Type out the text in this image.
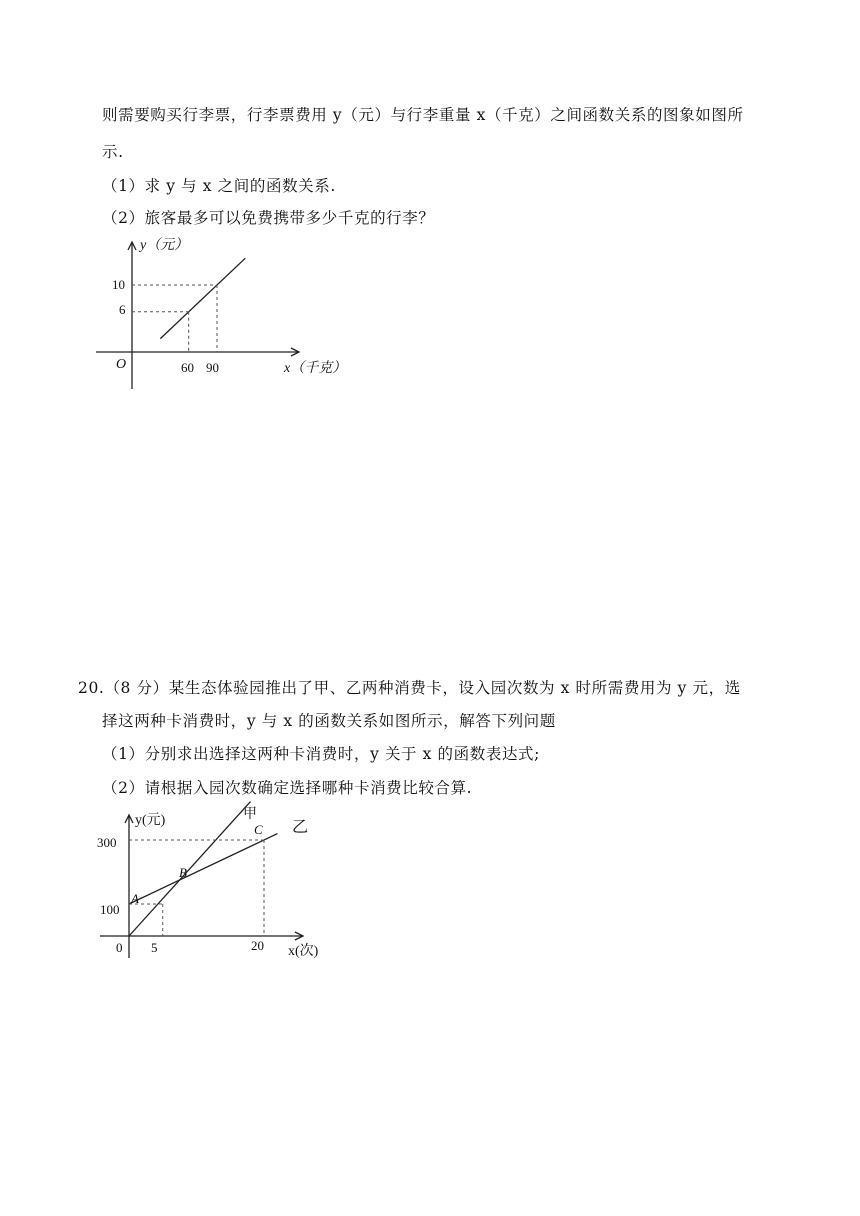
则需要购买行李票，行李票费用 y（元）与行李重量 x（千克）之间函数关系的图象如图所
示.
（1）求 y 与 x 之间的函数关系.
（2）旅客最多可以免费携带多少千克的行李？
y（元）
x（千克）
O	60 90
6
10
20.（8 分）某生态体验园推出了甲、乙两种消费卡，设入园次数为 x 时所需费用为 y 元，选
择这两种卡消费时，y 与 x 的函数关系如图所示，解答下列问题
（1）分别求出选择这两种卡消费时，y 关于 x 的函数表达式;
（2）请根据入园次数确定选择哪种卡消费比较合算.
y(元)
x(次)
0 5	20
100
300
甲
乙
A
B
C
